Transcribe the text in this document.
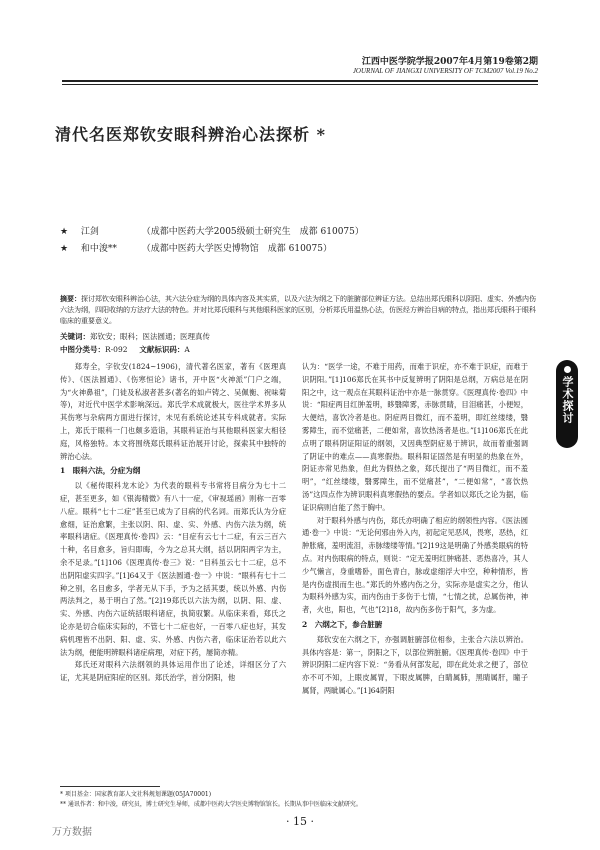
江西中医学院学报2007年4月第19卷第2期
JOURNAL OF JIANGXI UNIVERSITY OF TCM2007 Vol.19 No.2
清代名医郑钦安眼科辨治心法探析 *
★ 江剑	（成都中医药大学2005级硕士研究生　成都 610075）
★ 和中浚**	（成都中医药大学医史博物馆　成都 610075）
摘要：探讨郑钦安眼科辨治心法，其六法分症为纲的具体内容及其实质，以及六法为纲之下的脏腑部位辨证方法。总结出郑氏眼科以阴阳、虚实、外感内伤六法为纲，四阳收纳的方法疗大法的特色。并对比郑氏眼科与其他眼科医家的区别，分析郑氏用温热心法，仿医经方辨治目病的特点，指出郑氏眼科于眼科临床的重要意义。
关键词：郑钦安；眼科；医法圆通；医理真传
中图分类号：R-092 文献标识码：A

郑寿全，字钦安(1824~1906)，清代著名医家，著有《医理真传》、《医法圆通》、《伤寒恒论》诸书，开中医“火神派”门户之端，为“火神鼻祖”，门徒及私淑者甚多(著名的如卢铸之、吴佩衡、祝味菊等)，对近代中医学术影响深远。郑氏学术成就极大，医往学术界多从其伤寒与杂病两方面进行探讨，未见有系统论述其专科成就者。实际上，郑氏于眼科一门也颇多造诣，其眼科证治与其他眼科医家大相径庭，风格独特。本文将围绕郑氏眼科证治展开讨论，探索其中独特的辨治心法。

1　眼科六法，分症为纲

以《秘传眼科龙木论》为代表的眼科专书常将目病分为七十二症，甚至更多，如《银海精微》有八十一症，《审视瑶函》则称一百零八症。眼科“七十二症”甚至已成为了目病的代名词。而郑氏认为分症愈细，证治愈繁，主张以阴、阳、虚、实、外感、内伤六法为纲，统率眼科诸症。《医理真传·卷四》云：“目症有云七十二症，有云三百六十种，名目愈多，旨归即晦，今为之总其大纲，括以阴阳两字为主，余不足录。”[1]106《医理真传·卷三》说：“目科虽云七十二症，总不出阴阳虚实四字。”[1]64又于《医法圆通·卷一》中说：“眼科有七十二种之别，名目愈多，学者无从下手，予为之括其要，统以外感、内伤两法判之，易于明白了然。”[2]19郑氏以六法为纲，以阴、阳、虚、实、外感、内伤六证统括眼科诸症，执简驭繁。从临床来看，郑氏之论亦是切合临床实际的，不管七十二症也好，一百零八症也好，其发病机理皆不出阴、阳、虚、实、外感、内伤六者，临床证治若以此六法为纲，便能明辨眼科诸症病理，对症下药，屡简亦精。

郑氏还对眼科六法纲领的具体运用作出了论述，详细区分了六证，尤其是阴症阳症的区别。郑氏治学，首分阴阳，他

认为：“医学一途，不难于用药，而难于识症，亦不难于识症，而难于识阴阳。”[1]106郑氏在其书中反复辨明了阴阳是总纲，万病总是在阴阳之中，这一观点在其眼科证治中亦是一脉贯穿。《医理真传·卷四》中说：“阳症两目红肿羞明，眵翳障雾，赤脉贯睛，目泪痛甚，小便短，大便结，喜饮冷者是也。阴症两目微红，而不羞明，即红丝缕缕，翳雾障生，而不觉痛甚，二便如常，喜饮热汤者是也。”[1]106郑氏在此点明了眼科阴证阳证的纲领，又因典型阴症易于辨识，故而着重强调了阴证中的难点——真寒假热。眼科阳证固然是有明显的热象在外，阴证亦常见热象，但此为假热之象，郑氏提出了“两目微红，而不羞明”，“红丝缕缕，翳雾障生，而不觉痛甚”，“二便如常”，“喜饮热汤”这四点作为辨识眼科真寒假热的要点。学者如以郑氏之论为据，临证识病则自能了然于胸中。

对于眼科外感与内伤，郑氏亦明确了相应的纲领性内容。《医法圆通·卷一》中说：“无论何邪由外入内，初起定见恶风，畏寒，恶热，红肿胀痛，羞明流泪，赤脉缕缕等情。”[2]19这是明确了外感类眼病的特点。对内伤眼病的特点，则说：“定无羞明红肿痛甚、恶热喜冷，其人少气懒言，身重嗜卧，面色青白，脉或虚细浮大中空，种种情形，皆是内伤虚损而生也。”郑氏的外感内伤之分，实际亦是虚实之分，他认为眼科外感为实，而内伤由于多伤于七情，“七情之扰，总属伤神，神者，火也，阳也，气也”[2]18，故内伤多伤于阳气，多为虚。

2　六纲之下，参合脏腑

郑钦安在六纲之下，亦强调脏腑部位相参，主张合六法以辨治。具体内容是：第一，阴阳之下，以部位辨脏腑。《医理真传·卷四》中于辨识阴阳二症内容下说：“务看从何部发起，即在此处求之便了，部位亦不可不知，上眼皮属胃，下眼皮属脾，白睛属肺，黑睛属肝，瞳子属肾，两眦属心。”[1]64阴阳

学术探讨
* 项目基金：国家教育部人文社科规划课题(05JA70001)
** 通讯作者：和中浚，研究员，博士研究生导师，成都中医药大学医史博物馆馆长。长期从事中医临床文献研究。
· 15 ·
万方数据
